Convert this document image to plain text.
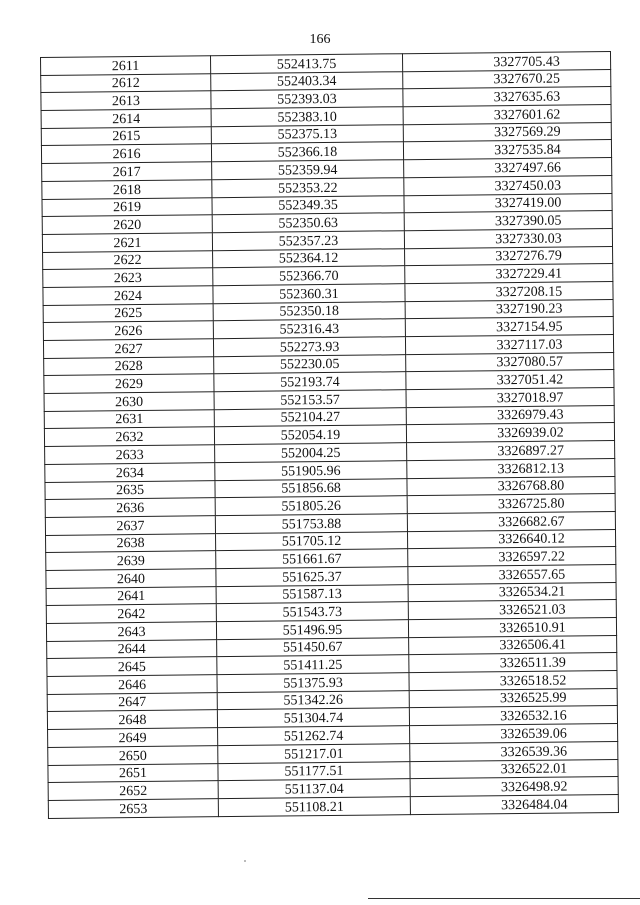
166
2611	552413.75	3327705.43
2612	552403.34	3327670.25
2613	552393.03	3327635.63
2614	552383.10	3327601.62
2615	552375.13	3327569.29
2616	552366.18	3327535.84
2617	552359.94	3327497.66
2618	552353.22	3327450.03
2619	552349.35	3327419.00
2620	552350.63	3327390.05
2621	552357.23	3327330.03
2622	552364.12	3327276.79
2623	552366.70	3327229.41
2624	552360.31	3327208.15
2625	552350.18	3327190.23
2626	552316.43	3327154.95
2627	552273.93	3327117.03
2628	552230.05	3327080.57
2629	552193.74	3327051.42
2630	552153.57	3327018.97
2631	552104.27	3326979.43
2632	552054.19	3326939.02
2633	552004.25	3326897.27
2634	551905.96	3326812.13
2635	551856.68	3326768.80
2636	551805.26	3326725.80
2637	551753.88	3326682.67
2638	551705.12	3326640.12
2639	551661.67	3326597.22
2640	551625.37	3326557.65
2641	551587.13	3326534.21
2642	551543.73	3326521.03
2643	551496.95	3326510.91
2644	551450.67	3326506.41
2645	551411.25	3326511.39
2646	551375.93	3326518.52
2647	551342.26	3326525.99
2648	551304.74	3326532.16
2649	551262.74	3326539.06
2650	551217.01	3326539.36
2651	551177.51	3326522.01
2652	551137.04	3326498.92
2653	551108.21	3326484.04
